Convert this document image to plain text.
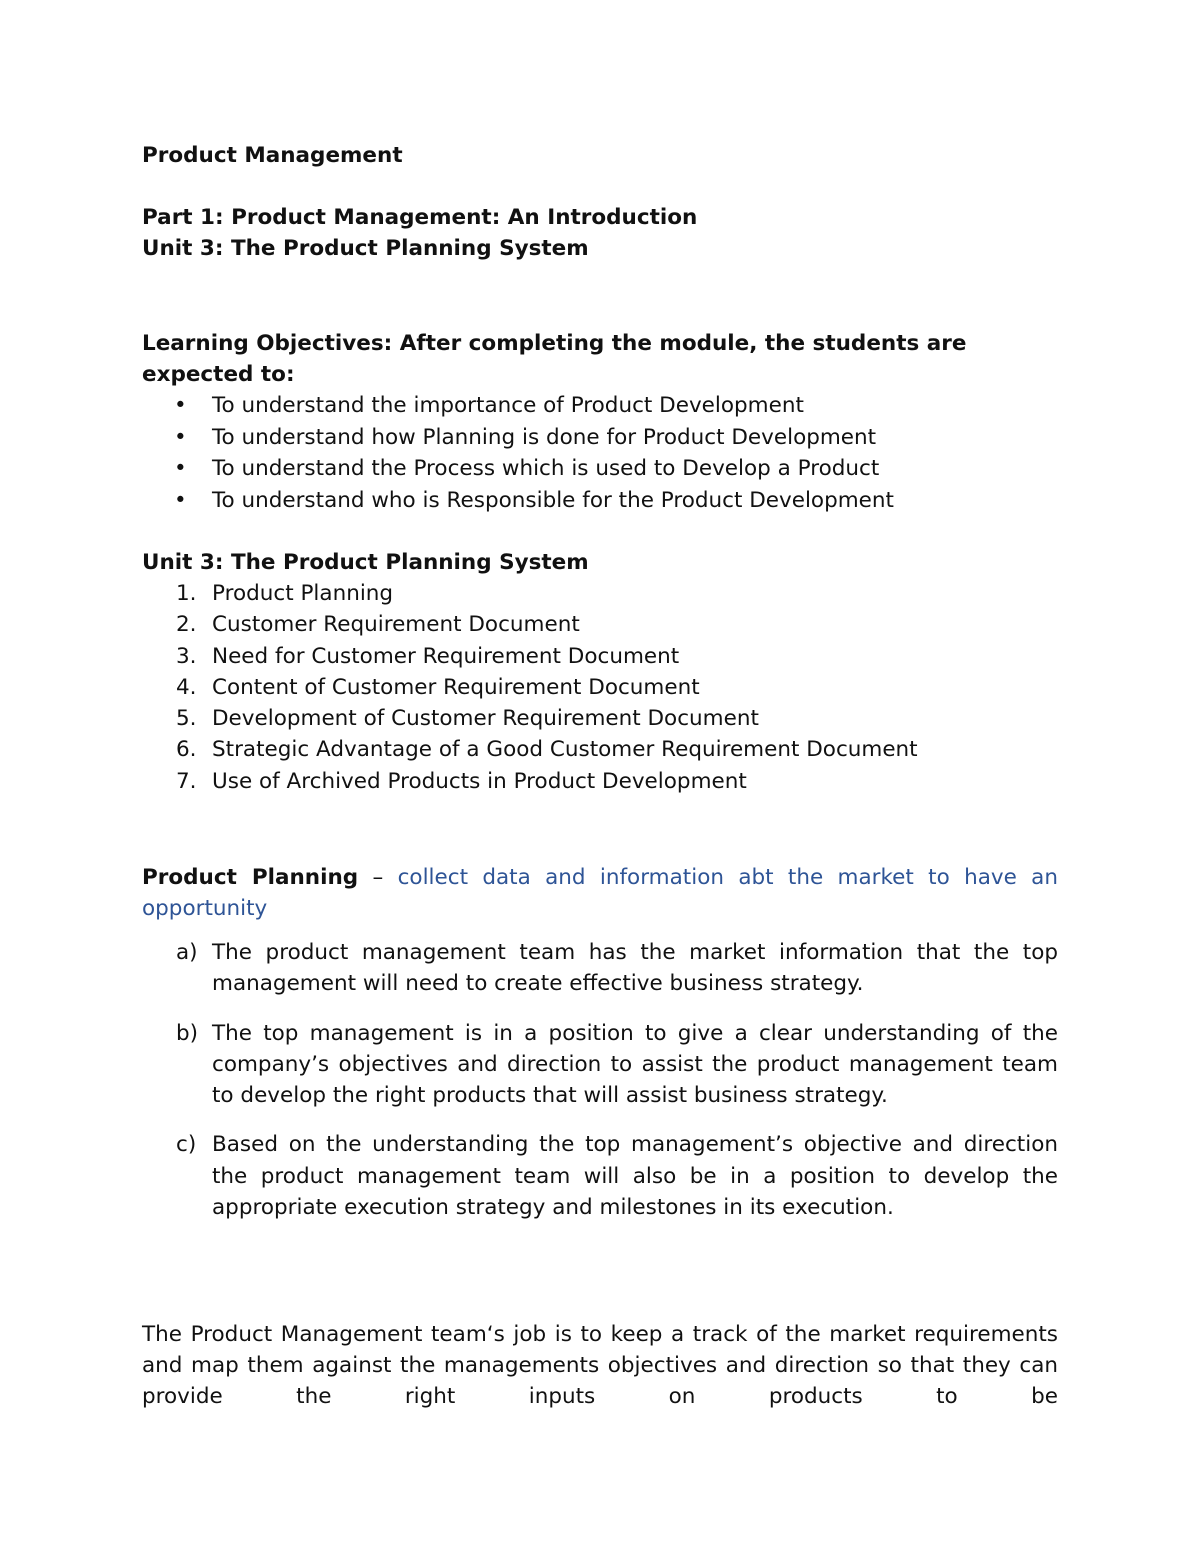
Product Management
Part 1: Product Management: An Introduction
Unit 3: The Product Planning System
Learning Objectives: After completing the module, the students are expected to:
• To understand the importance of Product Development
• To understand how Planning is done for Product Development
• To understand the Process which is used to Develop a Product
• To understand who is Responsible for the Product Development
Unit 3: The Product Planning System
1. Product Planning
2. Customer Requirement Document
3. Need for Customer Requirement Document
4. Content of Customer Requirement Document
5. Development of Customer Requirement Document
6. Strategic Advantage of a Good Customer Requirement Document
7. Use of Archived Products in Product Development
Product Planning – collect data and information abt the market to have an opportunity
a) The product management team has the market information that the top management will need to create effective business strategy.
b) The top management is in a position to give a clear understanding of the company’s objectives and direction to assist the product management team to develop the right products that will assist business strategy.
c) Based on the understanding the top management’s objective and direction the product management team will also be in a position to develop the appropriate execution strategy and milestones in its execution.
The Product Management team‘s job is to keep a track of the market requirements and map them against the managements objectives and direction so that they can provide the right inputs on products to be
